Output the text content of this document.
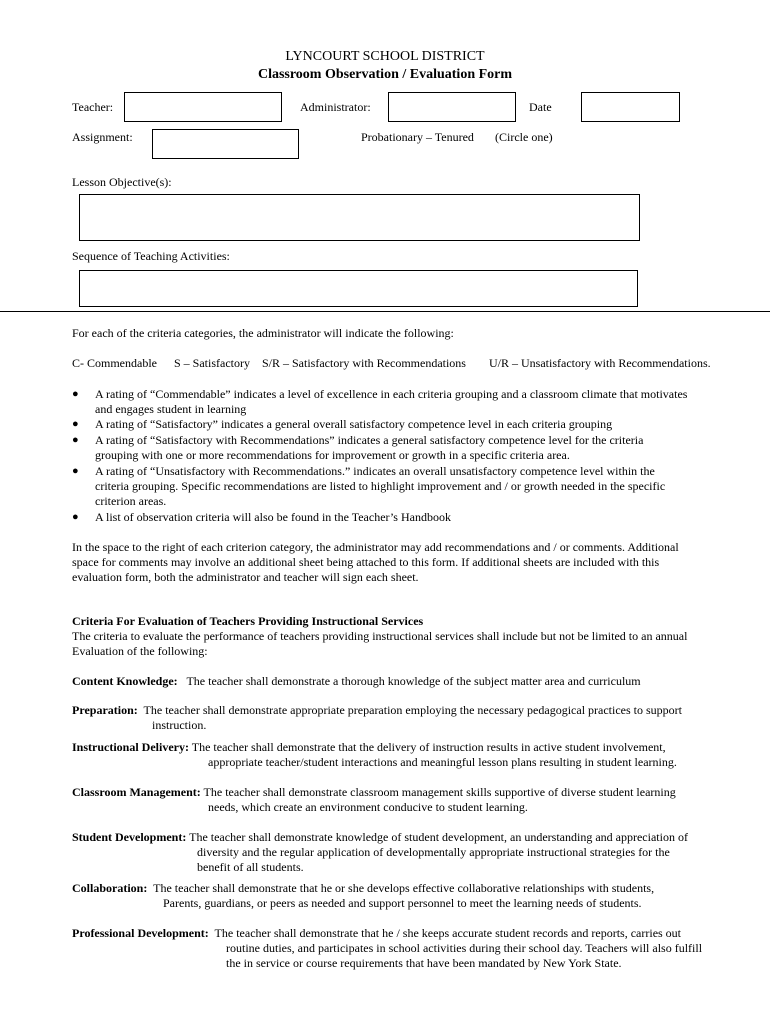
LYNCOURT SCHOOL DISTRICT
Classroom Observation / Evaluation Form
Teacher:	Administrator:	Date
Assignment:	Probationary – Tenured (Circle one)
Lesson Objective(s):
Sequence of Teaching Activities:
For each of the criteria categories, the administrator will indicate the following:
C- Commendable S – Satisfactory S/R – Satisfactory with Recommendations U/R – Unsatisfactory with Recommendations.
● A rating of “Commendable” indicates a level of excellence in each criteria grouping and a classroom climate that motivates
and engages student in learning
● A rating of “Satisfactory” indicates a general overall satisfactory competence level in each criteria grouping
● A rating of “Satisfactory with Recommendations” indicates a general satisfactory competence level for the criteria
grouping with one or more recommendations for improvement or growth in a specific criteria area.
● A rating of “Unsatisfactory with Recommendations.” indicates an overall unsatisfactory competence level within the
criteria grouping. Specific recommendations are listed to highlight improvement and / or growth needed in the specific
criterion areas.
● A list of observation criteria will also be found in the Teacher’s Handbook
In the space to the right of each criterion category, the administrator may add recommendations and / or comments. Additional
space for comments may involve an additional sheet being attached to this form. If additional sheets are included with this
evaluation form, both the administrator and teacher will sign each sheet.
Criteria For Evaluation of Teachers Providing Instructional Services
The criteria to evaluate the performance of teachers providing instructional services shall include but not be limited to an annual
Evaluation of the following:
Content Knowledge:   The teacher shall demonstrate a thorough knowledge of the subject matter area and curriculum
Preparation:  The teacher shall demonstrate appropriate preparation employing the necessary pedagogical practices to support
instruction.
Instructional Delivery: The teacher shall demonstrate that the delivery of instruction results in active student involvement,
appropriate teacher/student interactions and meaningful lesson plans resulting in student learning.
Classroom Management: The teacher shall demonstrate classroom management skills supportive of diverse student learning
needs, which create an environment conducive to student learning.
Student Development: The teacher shall demonstrate knowledge of student development, an understanding and appreciation of
diversity and the regular application of developmentally appropriate instructional strategies for the
benefit of all students.
Collaboration:  The teacher shall demonstrate that he or she develops effective collaborative relationships with students,
Parents, guardians, or peers as needed and support personnel to meet the learning needs of students.
Professional Development:  The teacher shall demonstrate that he / she keeps accurate student records and reports, carries out
routine duties, and participates in school activities during their school day. Teachers will also fulfill
the in service or course requirements that have been mandated by New York State.
